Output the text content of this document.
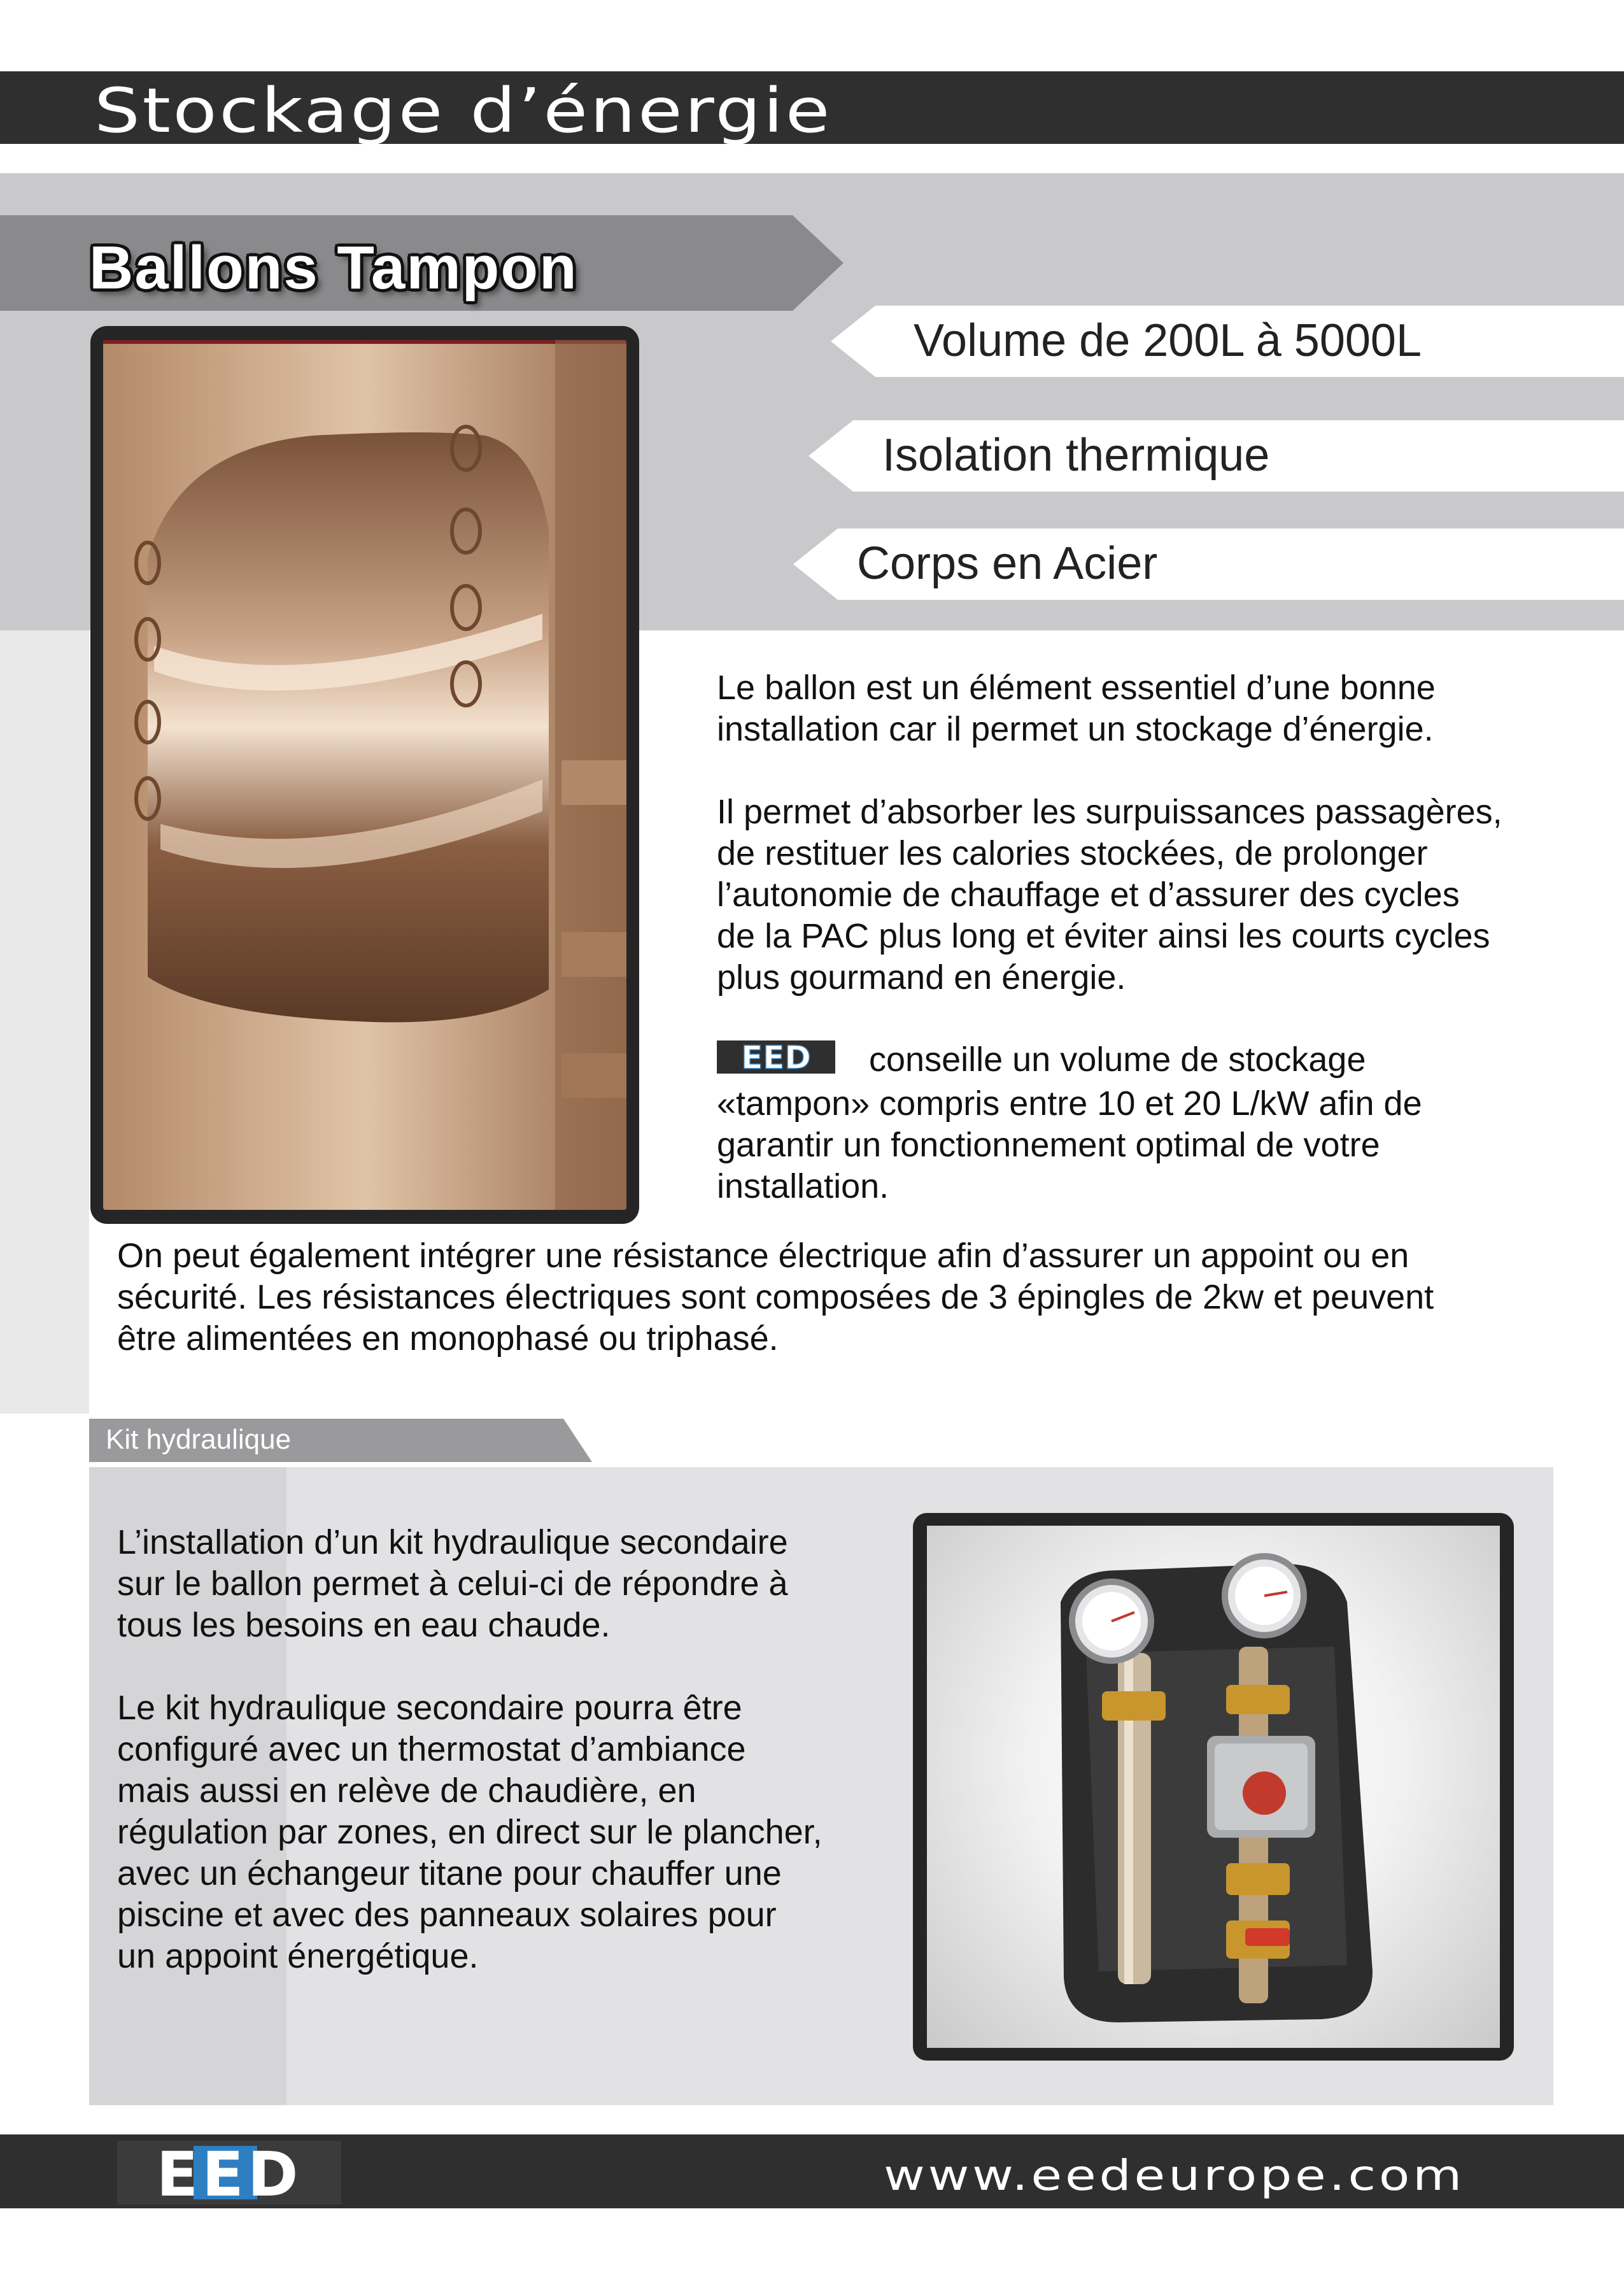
Stockage d’énergie
Ballons Tampon
Volume de 200L à 5000L
Isolation thermique
Corps en Acier
Le ballon est un élément essentiel d’une bonne
installation car il permet un stockage d’énergie.
Il permet d’absorber les surpuissances passagères,
de restituer les calories stockées, de prolonger
l’autonomie de chauffage et d’assurer des cycles
de la PAC plus long et éviter ainsi les courts cycles
plus gourmand en énergie.
EED conseille un volume de stockage
«tampon» compris entre 10 et 20 L/kW afin de
garantir un fonctionnement optimal de votre
installation.
On peut également intégrer une résistance électrique afin d’assurer un appoint ou en
sécurité. Les résistances électriques sont composées de 3 épingles de 2kw et peuvent
être alimentées en monophasé ou triphasé.
Kit hydraulique
L’installation d’un kit hydraulique secondaire
sur le ballon permet à celui-ci de répondre à
tous les besoins en eau chaude.
Le kit hydraulique secondaire pourra être
configuré avec un thermostat d’ambiance
mais aussi en relève de chaudière, en
régulation par zones, en direct sur le plancher,
avec un échangeur titane pour chauffer une
piscine et avec des panneaux solaires pour
un appoint énergétique.
EED	www.eedeurope.com
